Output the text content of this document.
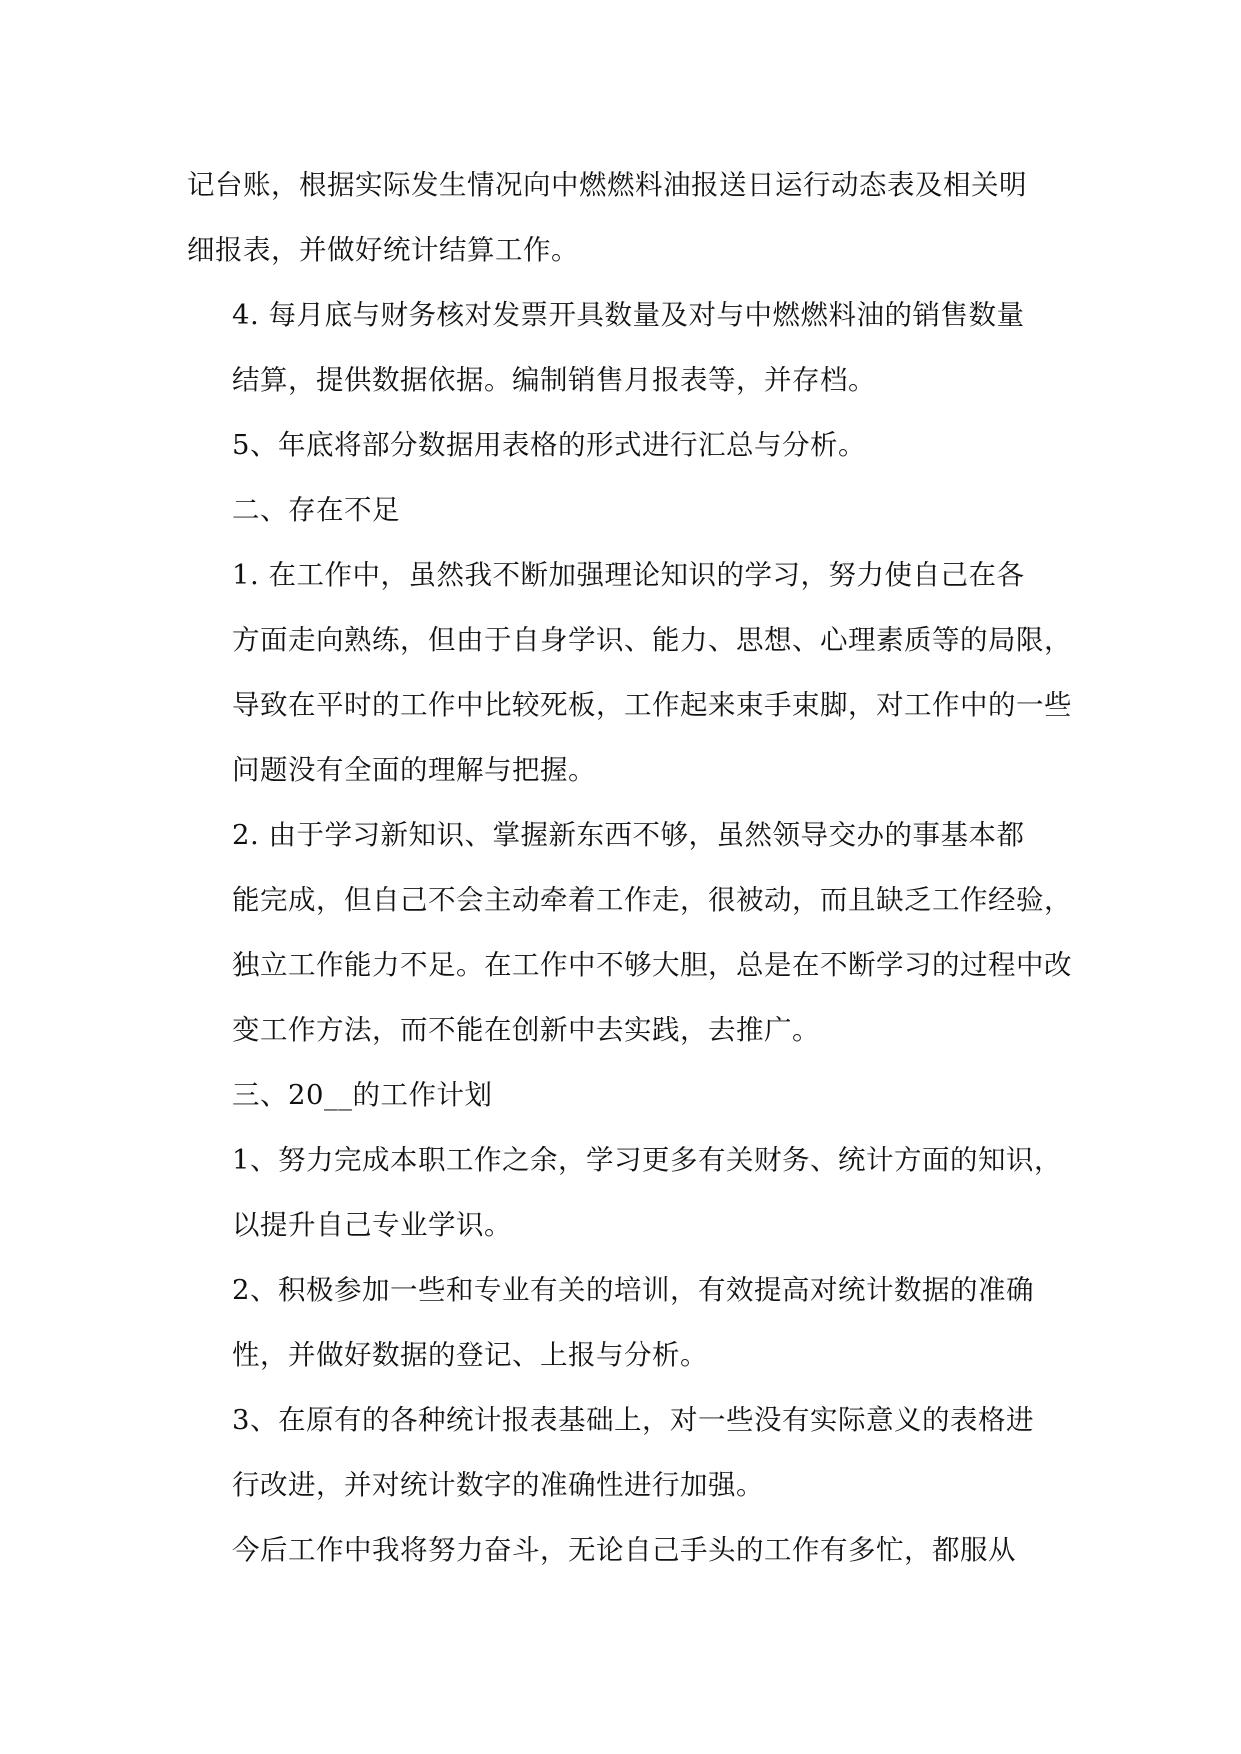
记台账，根据实际发生情况向中燃燃料油报送日运行动态表及相关明
细报表，并做好统计结算工作。

4. 每月底与财务核对发票开具数量及对与中燃燃料油的销售数量
结算，提供数据依据。编制销售月报表等，并存档。

5、年底将部分数据用表格的形式进行汇总与分析。

二、存在不足

1. 在工作中，虽然我不断加强理论知识的学习，努力使自己在各
方面走向熟练，但由于自身学识、能力、思想、心理素质等的局限，
导致在平时的工作中比较死板，工作起来束手束脚，对工作中的一些
问题没有全面的理解与把握。

2. 由于学习新知识、掌握新东西不够，虽然领导交办的事基本都
能完成，但自己不会主动牵着工作走，很被动，而且缺乏工作经验，
独立工作能力不足。在工作中不够大胆，总是在不断学习的过程中改
变工作方法，而不能在创新中去实践，去推广。

三、20__的工作计划

1、努力完成本职工作之余，学习更多有关财务、统计方面的知识，
以提升自己专业学识。

2、积极参加一些和专业有关的培训，有效提高对统计数据的准确
性，并做好数据的登记、上报与分析。

3、在原有的各种统计报表基础上，对一些没有实际意义的表格进
行改进，并对统计数字的准确性进行加强。

今后工作中我将努力奋斗，无论自己手头的工作有多忙，都服从
